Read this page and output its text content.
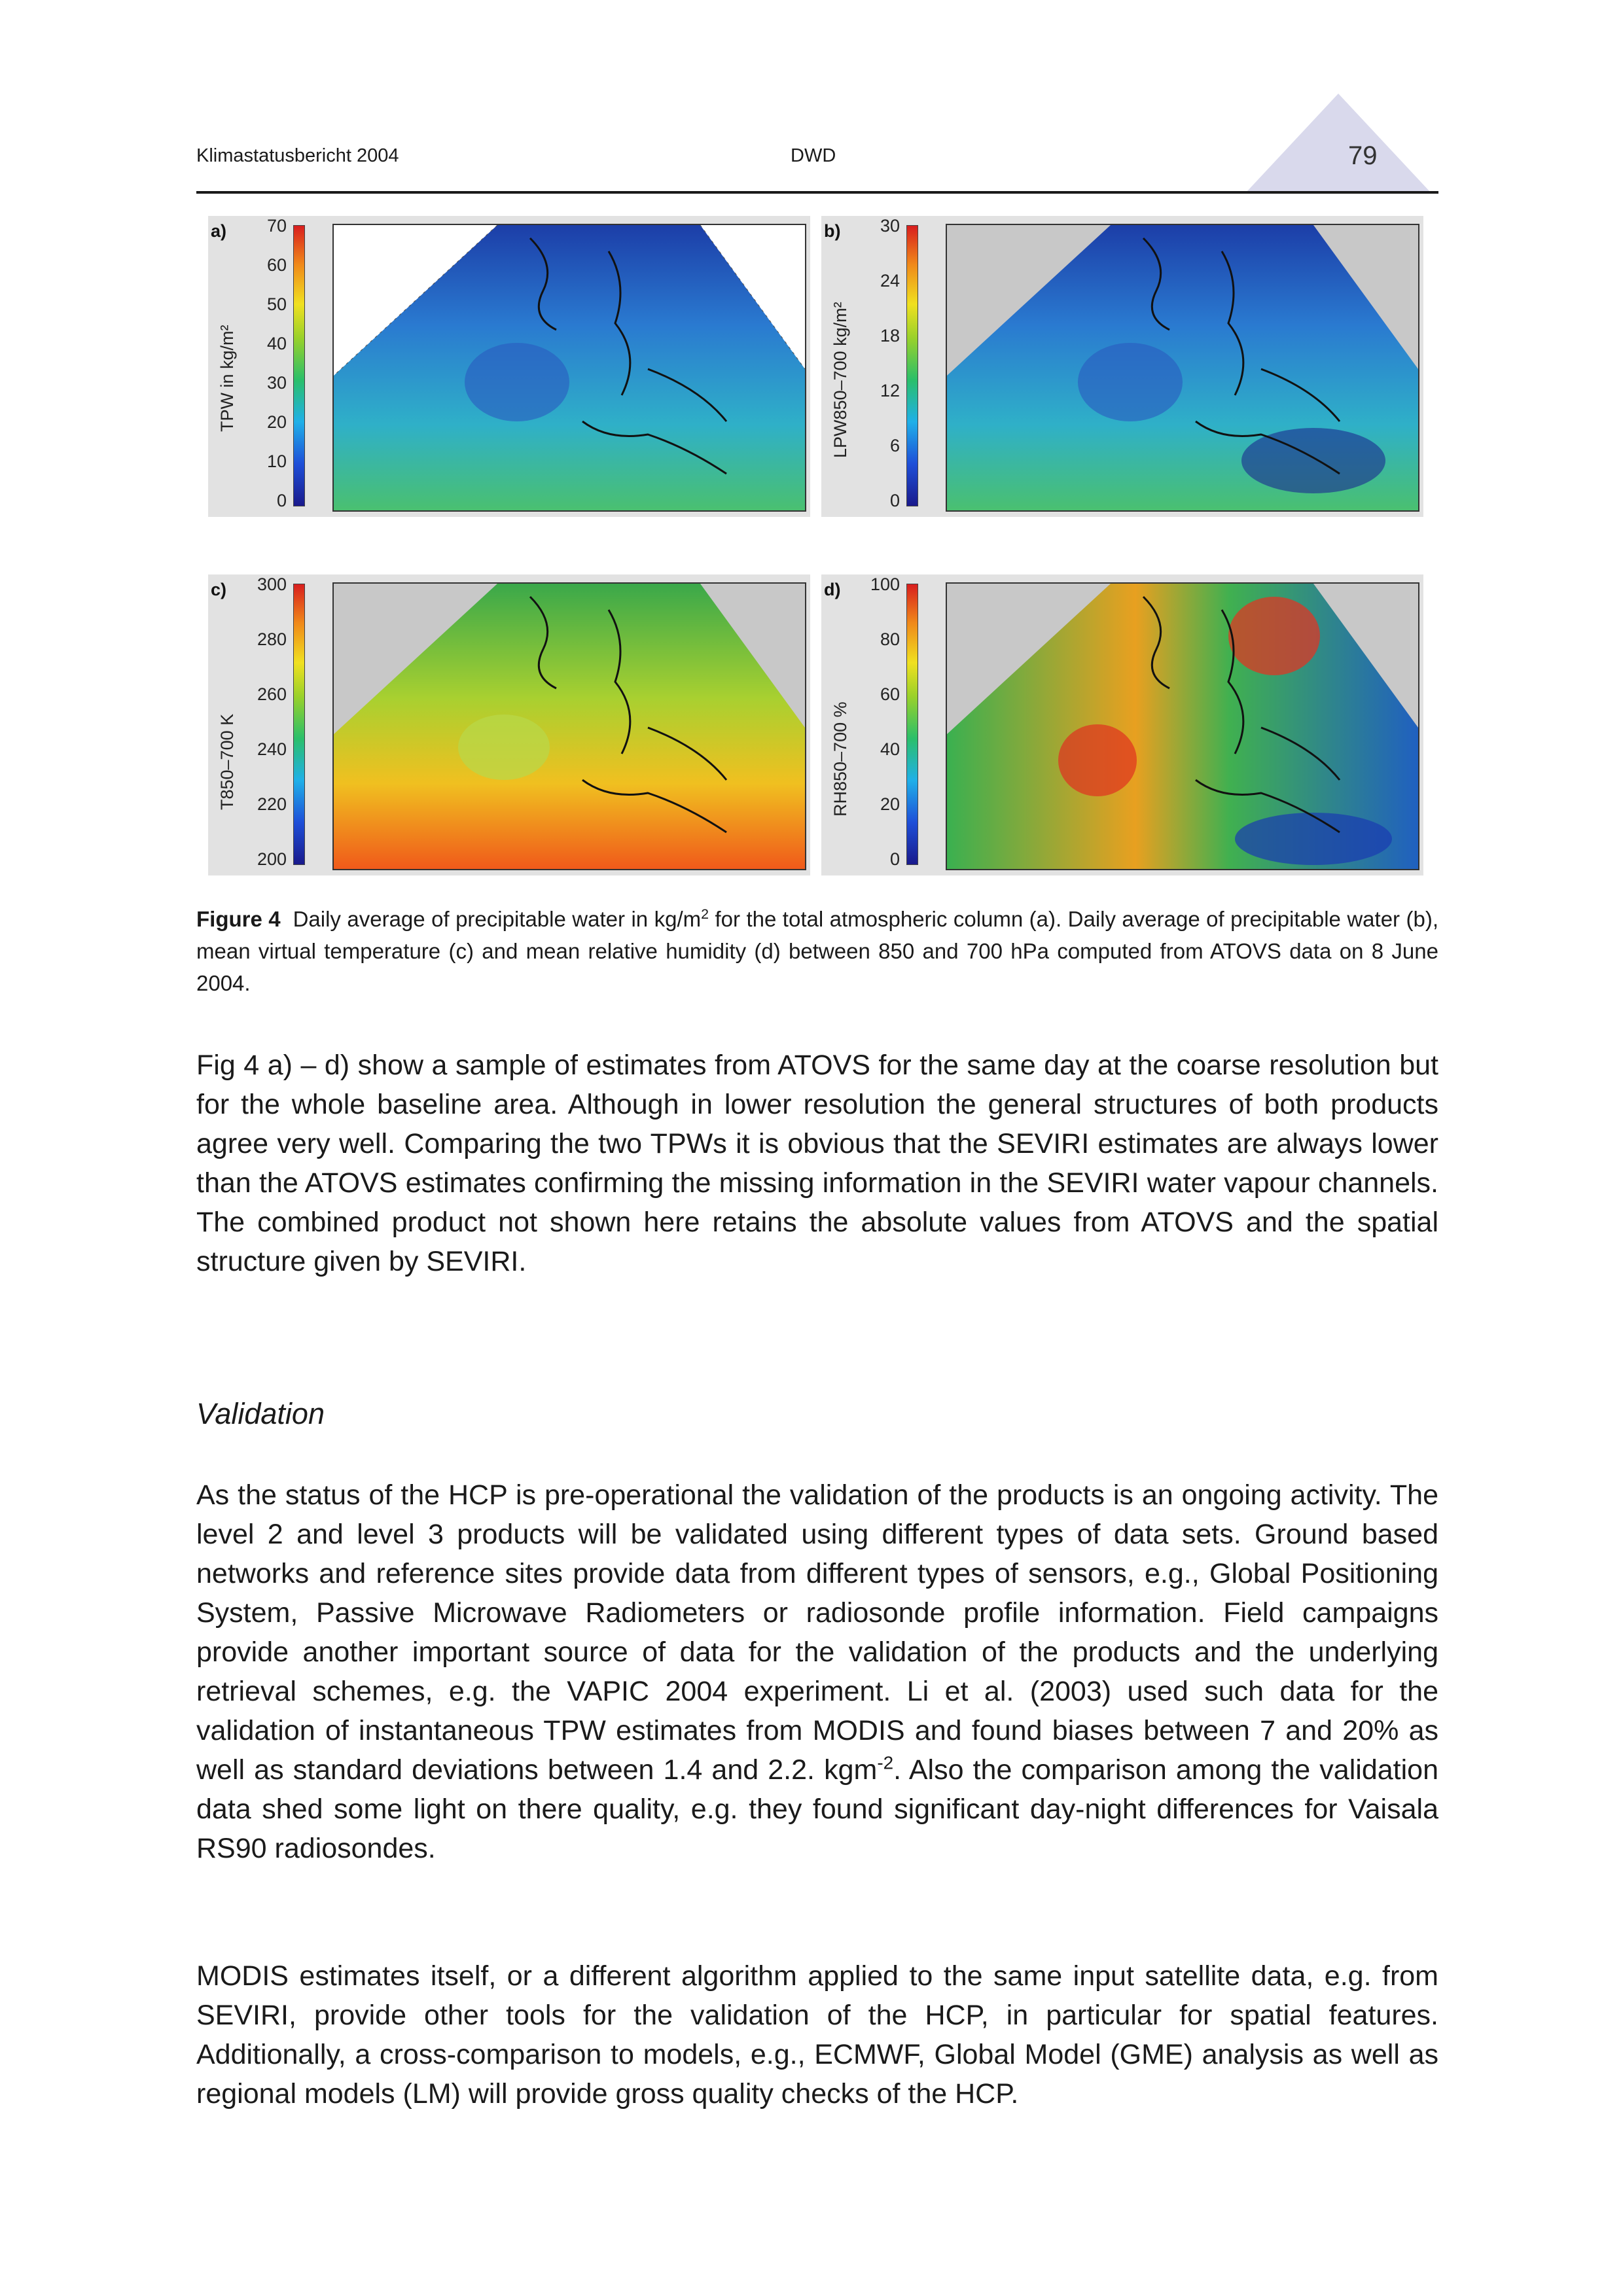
Klimastatusbericht 2004	DWD	79
a)
TPW in kg/m²
70
60
50
40
30
20
10
0
b)
LPW850–700 kg/m²
30
24
18
12
6
0
c)
T850–700 K
300
280
260
240
220
200
d)
RH850–700 %
100
80
60
40
20
0
Figure 4 Daily average of precipitable water in $kg/m^2$ for the total atmospheric column (a). Daily average of precipitable water (b), mean virtual temperature (c) and mean relative humidity (d) between 850 and 700 hPa computed from ATOVS data on 8 June 2004.

Fig 4 a) – d) show a sample of estimates from ATOVS for the same day at the coarse resolution but for the whole baseline area. Although in lower resolution the general structures of both products agree very well. Comparing the two TPWs it is obvious that the SEVIRI estimates are always lower than the ATOVS estimates confirming the missing information in the SEVIRI water vapour channels. The combined product not shown here retains the absolute values from ATOVS and the spatial structure given by SEVIRI.

Validation

As the status of the HCP is pre-operational the validation of the products is an ongoing activity. The level 2 and level 3 products will be validated using different types of data sets. Ground based networks and reference sites provide data from different types of sensors, e.g., Global Positioning System, Passive Microwave Radiometers or radiosonde profile information. Field campaigns provide another important source of data for the validation of the products and the underlying retrieval schemes, e.g. the VAPIC 2004 experiment. Li et al. (2003) used such data for the validation of instantaneous TPW estimates from MODIS and found biases between 7 and 20% as well as standard deviations between 1.4 and 2.2. kgm$^{-2}$. Also the comparison among the validation data shed some light on there quality, e.g. they found significant day-night differences for Vaisala RS90 radiosondes.

MODIS estimates itself, or a different algorithm applied to the same input satellite data, e.g. from SEVIRI, provide other tools for the validation of the HCP, in particular for spatial features. Additionally, a cross-comparison to models, e.g., ECMWF, Global Model (GME) analysis as well as regional models (LM) will provide gross quality checks of the HCP.
